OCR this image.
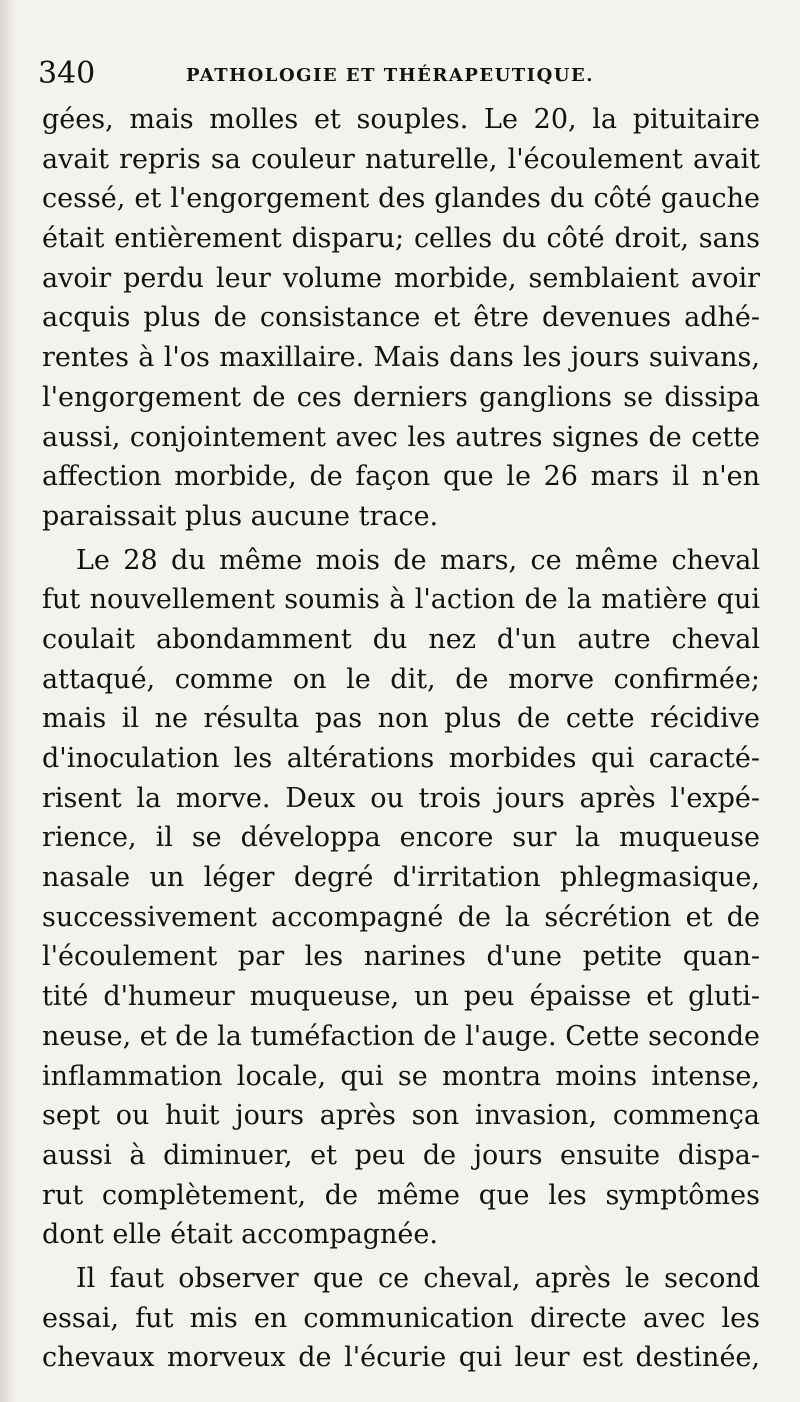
340	PATHOLOGIE ET THÉRAPEUTIQUE.
gées, mais molles et souples. Le 20, la pituitaire
avait repris sa couleur naturelle, l'écoulement avait
cessé, et l'engorgement des glandes du côté gauche
était entièrement disparu; celles du côté droit, sans
avoir perdu leur volume morbide, semblaient avoir
acquis plus de consistance et être devenues adhé-
rentes à l'os maxillaire. Mais dans les jours suivans,
l'engorgement de ces derniers ganglions se dissipa
aussi, conjointement avec les autres signes de cette
affection morbide, de façon que le 26 mars il n'en
paraissait plus aucune trace.
Le 28 du même mois de mars, ce même cheval
fut nouvellement soumis à l'action de la matière qui
coulait abondamment du nez d'un autre cheval
attaqué, comme on le dit, de morve confirmée;
mais il ne résulta pas non plus de cette récidive
d'inoculation les altérations morbides qui caracté-
risent la morve. Deux ou trois jours après l'expé-
rience, il se développa encore sur la muqueuse
nasale un léger degré d'irritation phlegmasique,
successivement accompagné de la sécrétion et de
l'écoulement par les narines d'une petite quan-
tité d'humeur muqueuse, un peu épaisse et gluti-
neuse, et de la tuméfaction de l'auge. Cette seconde
inflammation locale, qui se montra moins intense,
sept ou huit jours après son invasion, commença
aussi à diminuer, et peu de jours ensuite dispa-
rut complètement, de même que les symptômes
dont elle était accompagnée.
Il faut observer que ce cheval, après le second
essai, fut mis en communication directe avec les
chevaux morveux de l'écurie qui leur est destinée,
